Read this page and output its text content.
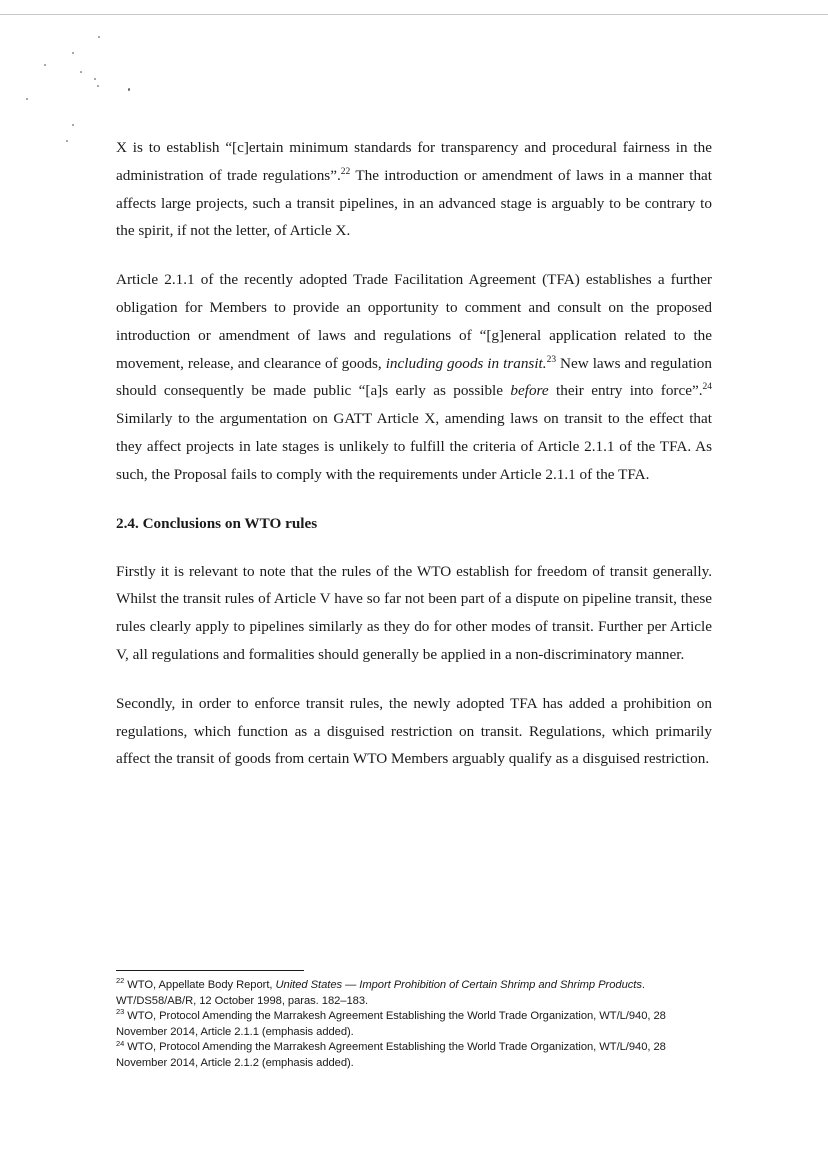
X is to establish “[c]ertain minimum standards for transparency and procedural fairness in the administration of trade regulations”.$^{22}$ The introduction or amendment of laws in a manner that affects large projects, such a transit pipelines, in an advanced stage is arguably to be contrary to the spirit, if not the letter, of Article X.

Article 2.1.1 of the recently adopted Trade Facilitation Agreement (TFA) establishes a further obligation for Members to provide an opportunity to comment and consult on the proposed introduction or amendment of laws and regulations of “[g]eneral application related to the movement, release, and clearance of goods, including goods in transit.$^{23}$ New laws and regulation should consequently be made public “[a]s early as possible before their entry into force”.$^{24}$ Similarly to the argumentation on GATT Article X, amending laws on transit to the effect that they affect projects in late stages is unlikely to fulfill the criteria of Article 2.1.1 of the TFA. As such, the Proposal fails to comply with the requirements under Article 2.1.1 of the TFA.

2.4. Conclusions on WTO rules

Firstly it is relevant to note that the rules of the WTO establish for freedom of transit generally. Whilst the transit rules of Article V have so far not been part of a dispute on pipeline transit, these rules clearly apply to pipelines similarly as they do for other modes of transit. Further per Article V, all regulations and formalities should generally be applied in a non-discriminatory manner.

Secondly, in order to enforce transit rules, the newly adopted TFA has added a prohibition on regulations, which function as a disguised restriction on transit. Regulations, which primarily affect the transit of goods from certain WTO Members arguably qualify as a disguised restriction.

$^{22}$ WTO, Appellate Body Report, United States — Import Prohibition of Certain Shrimp and Shrimp Products. WT/DS58/AB/R, 12 October 1998, paras. 182–183.

$^{23}$ WTO, Protocol Amending the Marrakesh Agreement Establishing the World Trade Organization, WT/L/940, 28 November 2014, Article 2.1.1 (emphasis added).

$^{24}$ WTO, Protocol Amending the Marrakesh Agreement Establishing the World Trade Organization, WT/L/940, 28 November 2014, Article 2.1.2 (emphasis added).
